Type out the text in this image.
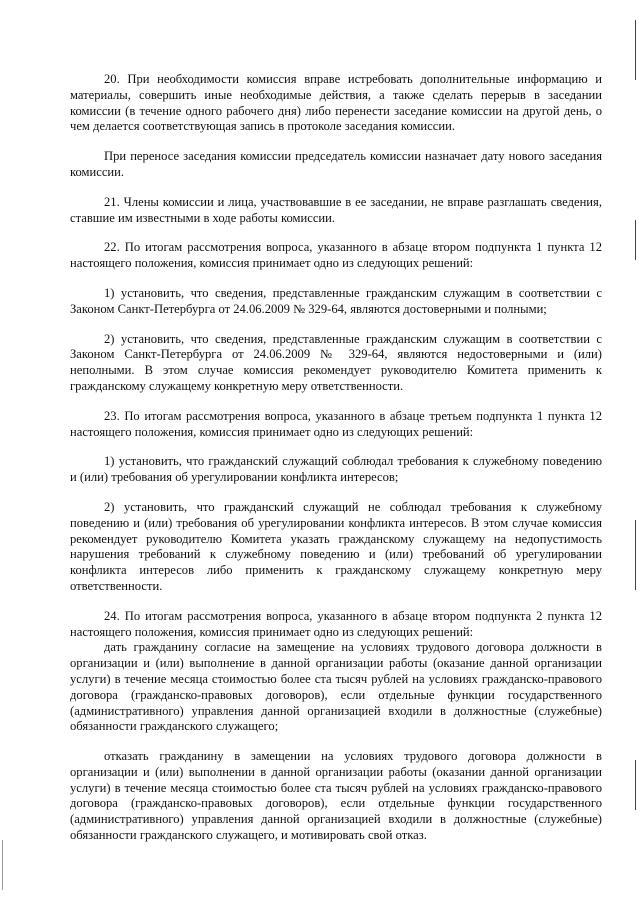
20. При необходимости комиссия вправе истребовать дополнительные информацию и материалы, совершить иные необходимые действия, а также сделать перерыв в заседании комиссии (в течение одного рабочего дня) либо перенести заседание комиссии на другой день, о чем делается соответствующая запись в протоколе заседания комиссии.

При переносе заседания комиссии председатель комиссии назначает дату нового заседания комиссии.

21. Члены комиссии и лица, участвовавшие в ее заседании, не вправе разглашать сведения, ставшие им известными в ходе работы комиссии.

22. По итогам рассмотрения вопроса, указанного в абзаце втором подпункта 1 пункта 12 настоящего положения, комиссия принимает одно из следующих решений:

1) установить, что сведения, представленные гражданским служащим в соответствии с Законом Санкт-Петербурга от 24.06.2009 № 329-64, являются достоверными и полными;

2) установить, что сведения, представленные гражданским служащим в соответствии с Законом Санкт-Петербурга от 24.06.2009 № 329-64, являются недостоверными и (или) неполными. В этом случае комиссия рекомендует руководителю Комитета применить к гражданскому служащему конкретную меру ответственности.

23. По итогам рассмотрения вопроса, указанного в абзаце третьем подпункта 1 пункта 12 настоящего положения, комиссия принимает одно из следующих решений:

1) установить, что гражданский служащий соблюдал требования к служебному поведению и (или) требования об урегулировании конфликта интересов;

2) установить, что гражданский служащий не соблюдал требования к служебному поведению и (или) требования об урегулировании конфликта интересов. В этом случае комиссия рекомендует руководителю Комитета указать гражданскому служащему на недопустимость нарушения требований к служебному поведению и (или) требований об урегулировании конфликта интересов либо применить к гражданскому служащему конкретную меру ответственности.

24. По итогам рассмотрения вопроса, указанного в абзаце втором подпункта 2 пункта 12 настоящего положения, комиссия принимает одно из следующих решений:

дать гражданину согласие на замещение на условиях трудового договора должности в организации и (или) выполнение в данной организации работы (оказание данной организации услуги) в течение месяца стоимостью более ста тысяч рублей на условиях гражданско-правового договора (гражданско-правовых договоров), если отдельные функции государственного (административного) управления данной организацией входили в должностные (служебные) обязанности гражданского служащего;

отказать гражданину в замещении на условиях трудового договора должности в организации и (или) выполнении в данной организации работы (оказании данной организации услуги) в течение месяца стоимостью более ста тысяч рублей на условиях гражданско-правового договора (гражданско-правовых договоров), если отдельные функции государственного (административного) управления данной организацией входили в должностные (служебные) обязанности гражданского служащего, и мотивировать свой отказ.
